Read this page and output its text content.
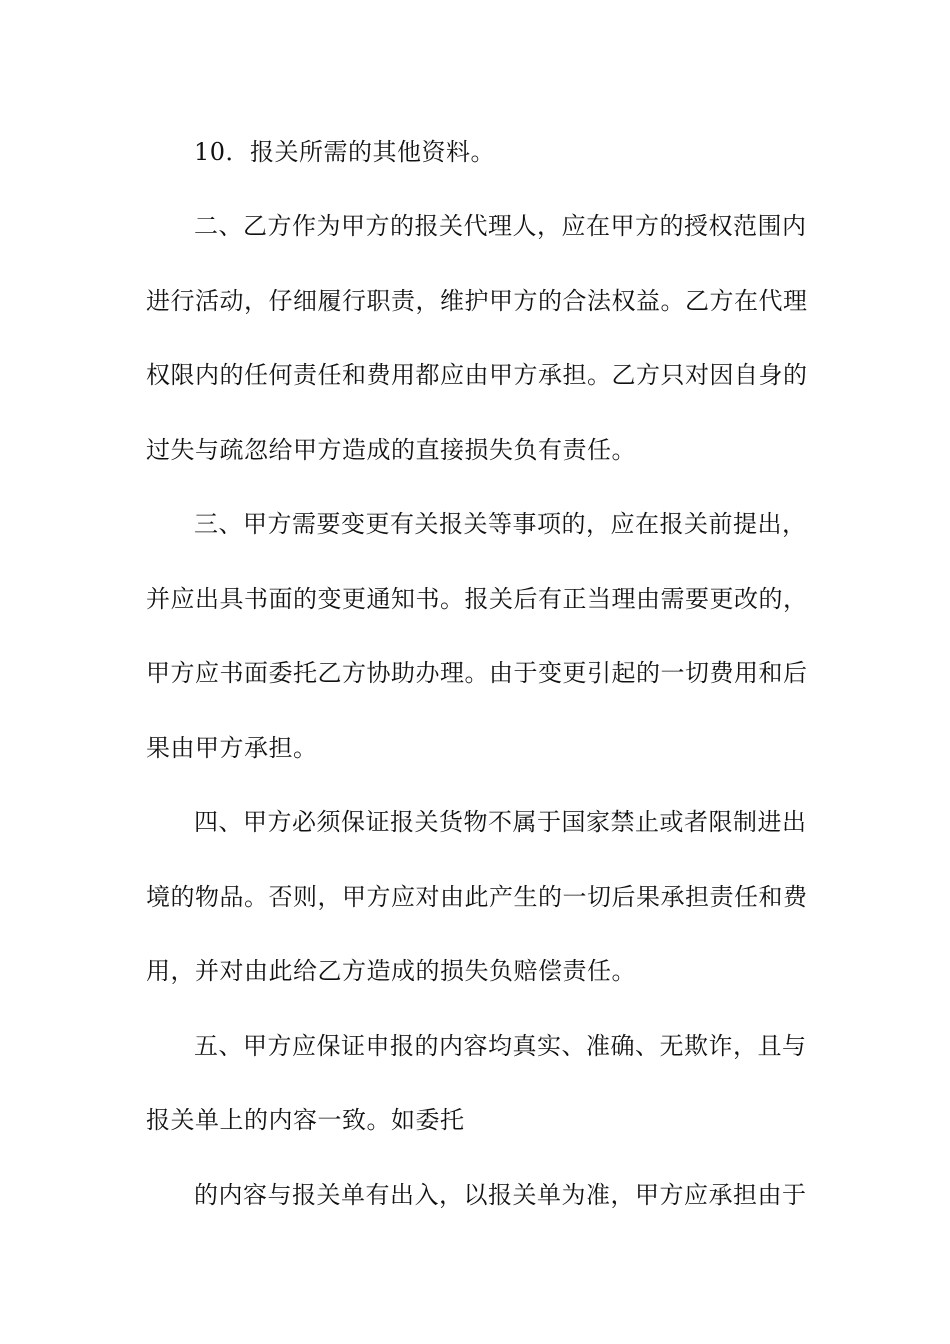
10．报关所需的其他资料。
二、乙方作为甲方的报关代理人，应在甲方的授权范围内
进行活动，仔细履行职责，维护甲方的合法权益。乙方在代理
权限内的任何责任和费用都应由甲方承担。乙方只对因自身的
过失与疏忽给甲方造成的直接损失负有责任。
三、甲方需要变更有关报关等事项的，应在报关前提出，
并应出具书面的变更通知书。报关后有正当理由需要更改的，
甲方应书面委托乙方协助办理。由于变更引起的一切费用和后
果由甲方承担。
四、甲方必须保证报关货物不属于国家禁止或者限制进出
境的物品。否则，甲方应对由此产生的一切后果承担责任和费
用，并对由此给乙方造成的损失负赔偿责任。
五、甲方应保证申报的内容均真实、准确、无欺诈，且与
报关单上的内容一致。如委托
的内容与报关单有出入，以报关单为准，甲方应承担由于
